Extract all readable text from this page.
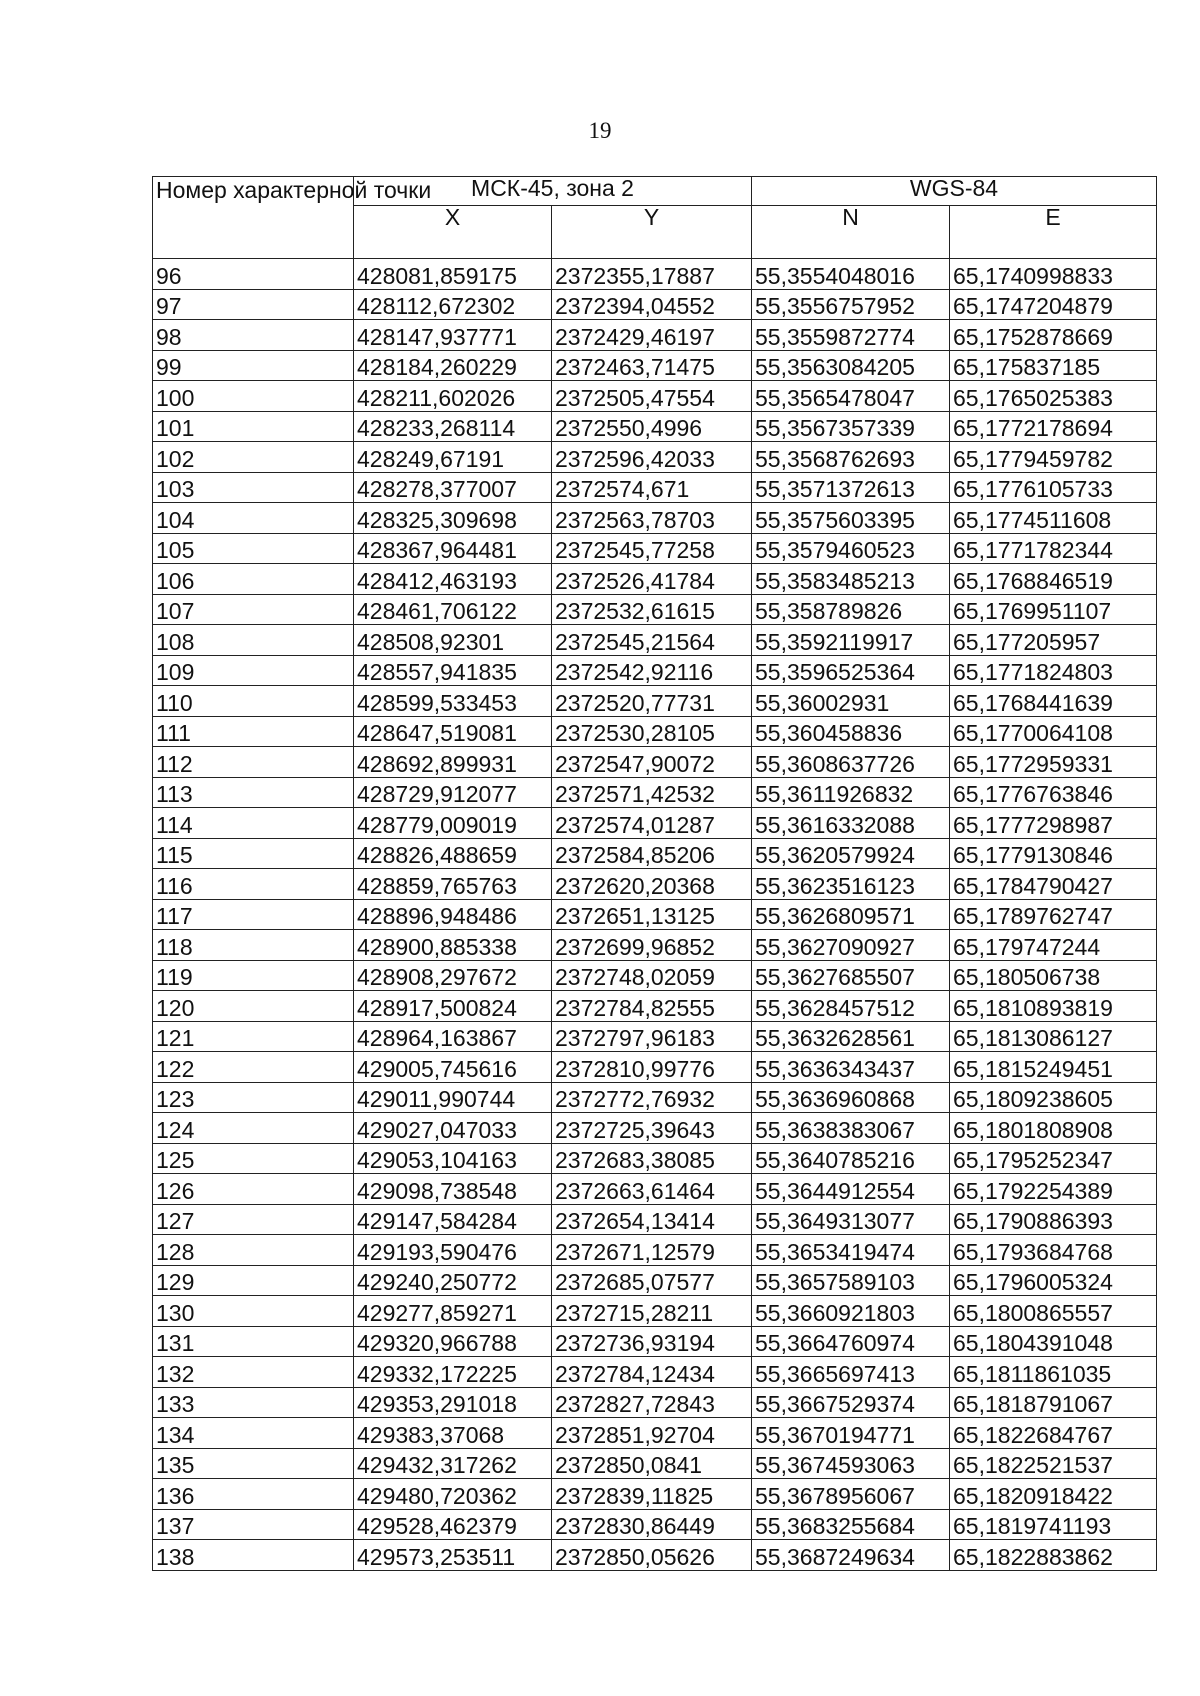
19
Номер характерной точки	МСК-45, зона 2		WGS-84	
	X	Y	N	E
96	428081,859175	2372355,17887	55,3554048016	65,1740998833
97	428112,672302	2372394,04552	55,3556757952	65,1747204879
98	428147,937771	2372429,46197	55,3559872774	65,1752878669
99	428184,260229	2372463,71475	55,3563084205	65,175837185
100	428211,602026	2372505,47554	55,3565478047	65,1765025383
101	428233,268114	2372550,4996	55,3567357339	65,1772178694
102	428249,67191	2372596,42033	55,3568762693	65,1779459782
103	428278,377007	2372574,671	55,3571372613	65,1776105733
104	428325,309698	2372563,78703	55,3575603395	65,1774511608
105	428367,964481	2372545,77258	55,3579460523	65,1771782344
106	428412,463193	2372526,41784	55,3583485213	65,1768846519
107	428461,706122	2372532,61615	55,358789826	65,1769951107
108	428508,92301	2372545,21564	55,3592119917	65,177205957
109	428557,941835	2372542,92116	55,3596525364	65,1771824803
110	428599,533453	2372520,77731	55,36002931	65,1768441639
111	428647,519081	2372530,28105	55,360458836	65,1770064108
112	428692,899931	2372547,90072	55,3608637726	65,1772959331
113	428729,912077	2372571,42532	55,3611926832	65,1776763846
114	428779,009019	2372574,01287	55,3616332088	65,1777298987
115	428826,488659	2372584,85206	55,3620579924	65,1779130846
116	428859,765763	2372620,20368	55,3623516123	65,1784790427
117	428896,948486	2372651,13125	55,3626809571	65,1789762747
118	428900,885338	2372699,96852	55,3627090927	65,179747244
119	428908,297672	2372748,02059	55,3627685507	65,180506738
120	428917,500824	2372784,82555	55,3628457512	65,1810893819
121	428964,163867	2372797,96183	55,3632628561	65,1813086127
122	429005,745616	2372810,99776	55,3636343437	65,1815249451
123	429011,990744	2372772,76932	55,3636960868	65,1809238605
124	429027,047033	2372725,39643	55,3638383067	65,1801808908
125	429053,104163	2372683,38085	55,3640785216	65,1795252347
126	429098,738548	2372663,61464	55,3644912554	65,1792254389
127	429147,584284	2372654,13414	55,3649313077	65,1790886393
128	429193,590476	2372671,12579	55,3653419474	65,1793684768
129	429240,250772	2372685,07577	55,3657589103	65,1796005324
130	429277,859271	2372715,28211	55,3660921803	65,1800865557
131	429320,966788	2372736,93194	55,3664760974	65,1804391048
132	429332,172225	2372784,12434	55,3665697413	65,1811861035
133	429353,291018	2372827,72843	55,3667529374	65,1818791067
134	429383,37068	2372851,92704	55,3670194771	65,1822684767
135	429432,317262	2372850,0841	55,3674593063	65,1822521537
136	429480,720362	2372839,11825	55,3678956067	65,1820918422
137	429528,462379	2372830,86449	55,3683255684	65,1819741193
138	429573,253511	2372850,05626	55,3687249634	65,1822883862
